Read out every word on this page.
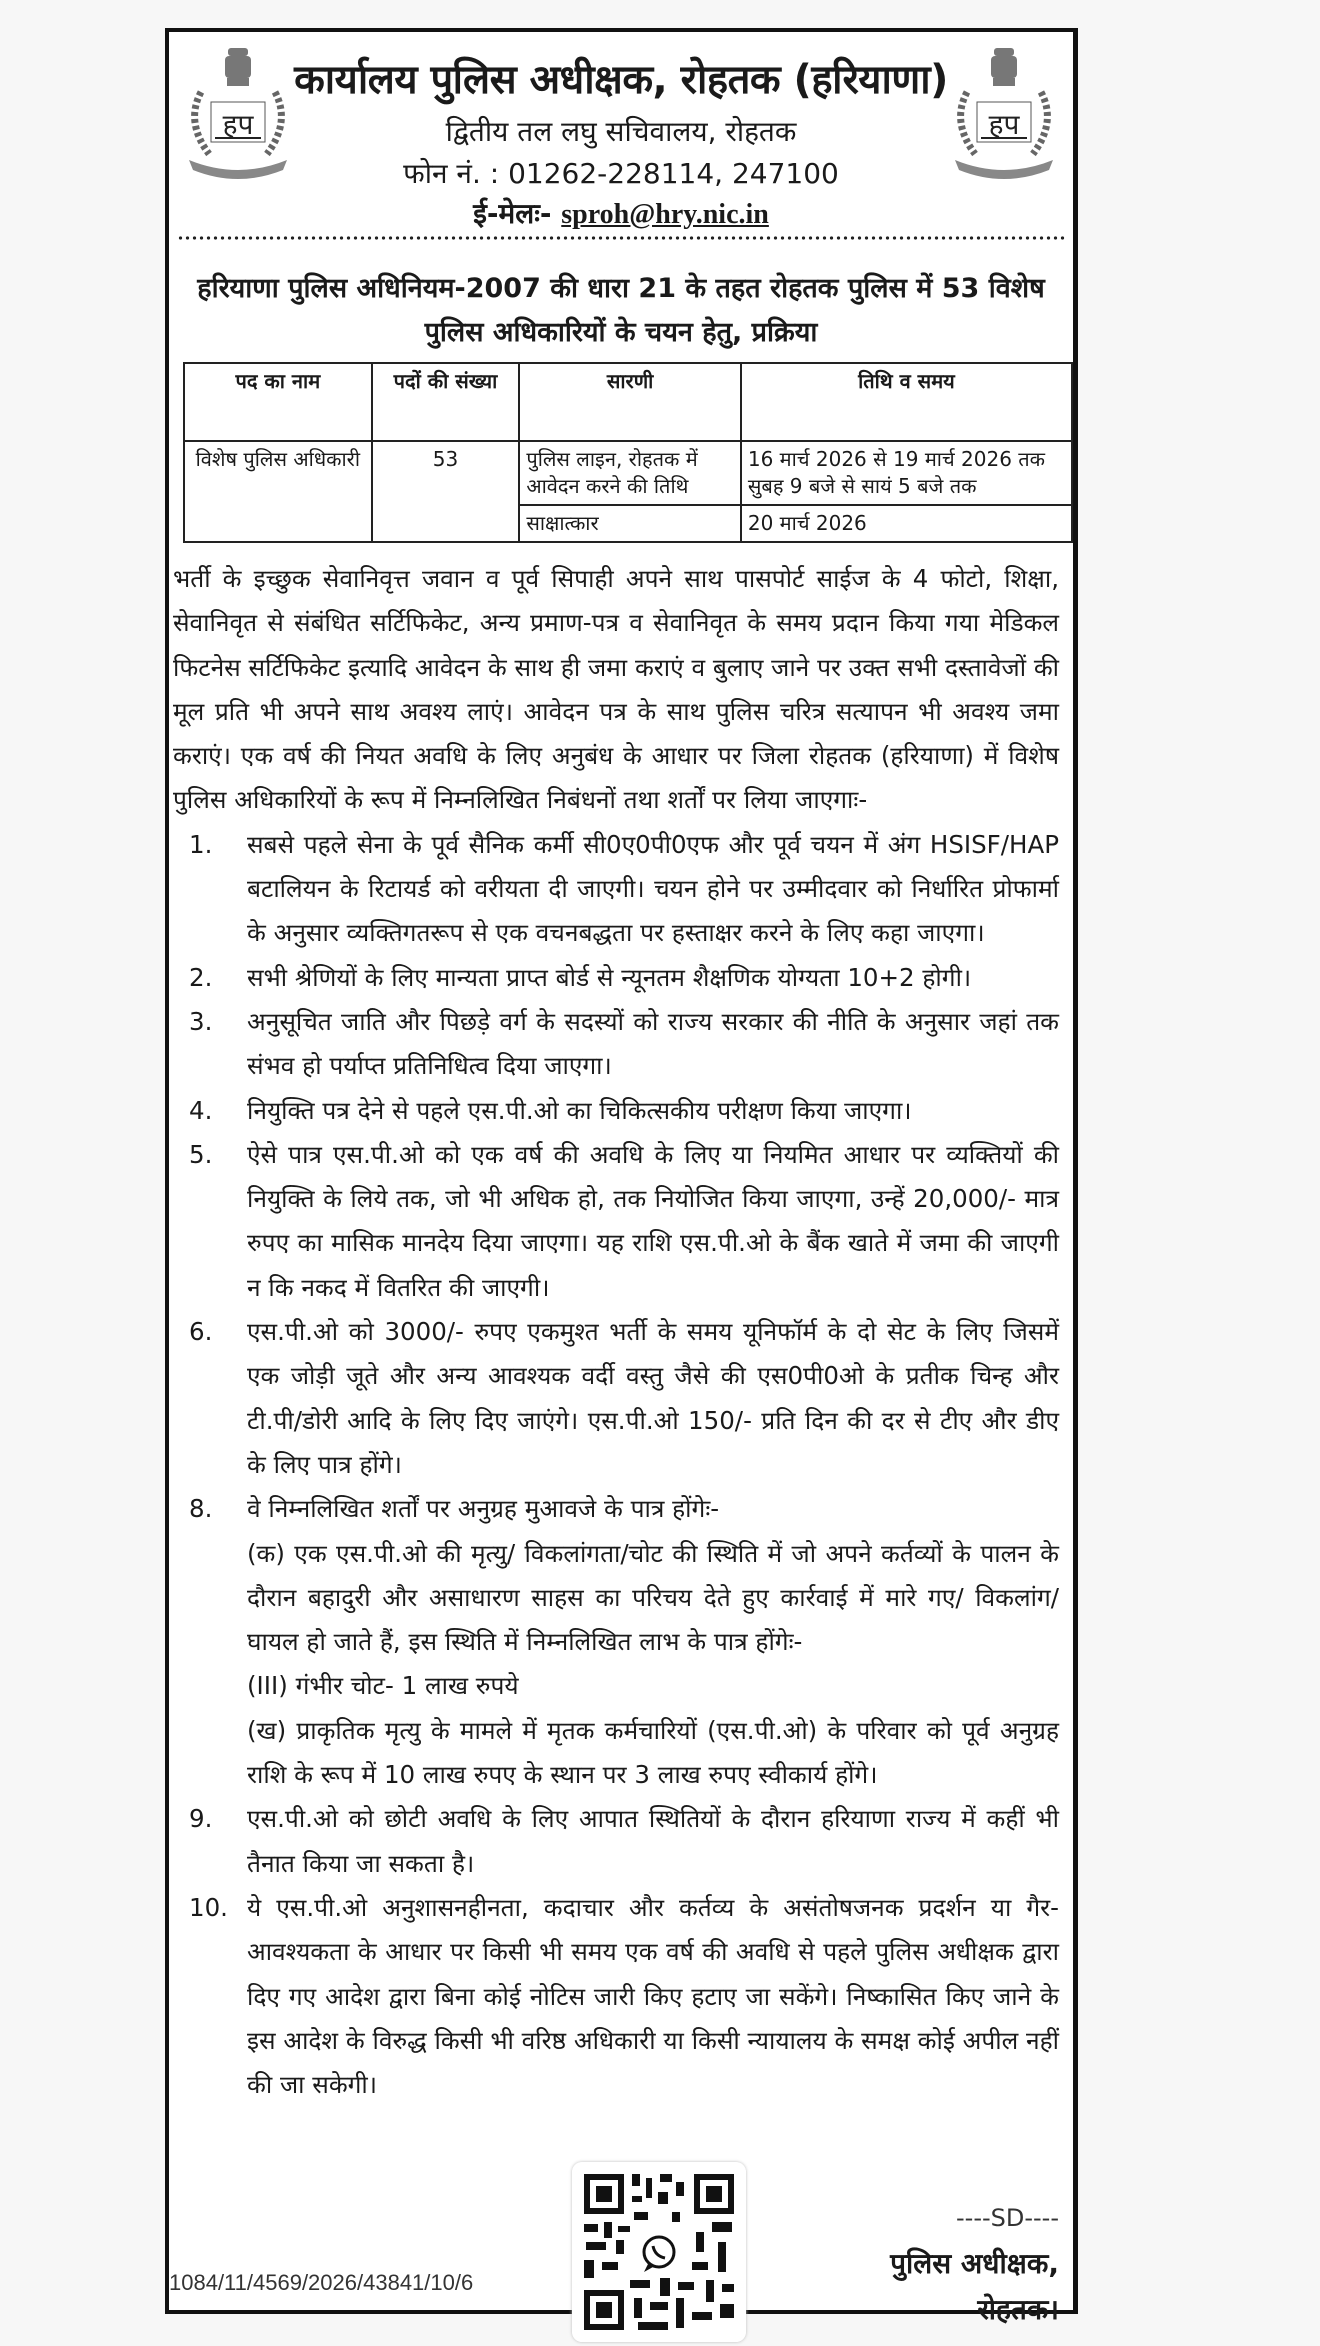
हप	हप
कार्यालय पुलिस अधीक्षक, रोहतक (हरियाणा)
द्वितीय तल लघु सचिवालय, रोहतक
फोन नं. : 01262-228114, 247100
ई-मेलः- sproh@hry.nic.in
हरियाणा पुलिस अधिनियम-2007 की धारा 21 के तहत रोहतक पुलिस में 53 विशेष पुलिस अधिकारियों के चयन हेतु, प्रक्रिया
पद का नाम	पदों की संख्या	सारणी	तिथि व समय
विशेष पुलिस अधिकारी	53	पुलिस लाइन, रोहतक में आवेदन करने की तिथि	16 मार्च 2026 से 19 मार्च 2026 तक सुबह 9 बजे से सायं 5 बजे तक
		साक्षात्कार	20 मार्च 2026

भर्ती के इच्छुक सेवानिवृत्त जवान व पूर्व सिपाही अपने साथ पासपोर्ट साईज के 4 फोटो, शिक्षा, सेवानिवृत से संबंधित सर्टिफिकेट, अन्य प्रमाण-पत्र व सेवानिवृत के समय प्रदान किया गया मेडिकल फिटनेस सर्टिफिकेट इत्यादि आवेदन के साथ ही जमा कराएं व बुलाए जाने पर उक्त सभी दस्तावेजों की मूल प्रति भी अपने साथ अवश्य लाएं। आवेदन पत्र के साथ पुलिस चरित्र सत्यापन भी अवश्य जमा कराएं। एक वर्ष की नियत अवधि के लिए अनुबंध के आधार पर जिला रोहतक (हरियाणा) में विशेष पुलिस अधिकारियों के रूप में निम्नलिखित निबंधनों तथा शर्तों पर लिया जाएगाः-

1. सबसे पहले सेना के पूर्व सैनिक कर्मी सी0ए0पी0एफ और पूर्व चयन में अंग HSISF/HAP बटालियन के रिटायर्ड को वरीयता दी जाएगी। चयन होने पर उम्मीदवार को निर्धारित प्रोफार्मा के अनुसार व्यक्तिगतरूप से एक वचनबद्धता पर हस्ताक्षर करने के लिए कहा जाएगा।
2. सभी श्रेणियों के लिए मान्यता प्राप्त बोर्ड से न्यूनतम शैक्षणिक योग्यता 10+2 होगी।
3. अनुसूचित जाति और पिछड़े वर्ग के सदस्यों को राज्य सरकार की नीति के अनुसार जहां तक संभव हो पर्याप्त प्रतिनिधित्व दिया जाएगा।
4. नियुक्ति पत्र देने से पहले एस.पी.ओ का चिकित्सकीय परीक्षण किया जाएगा।
5. ऐसे पात्र एस.पी.ओ को एक वर्ष की अवधि के लिए या नियमित आधार पर व्यक्तियों की नियुक्ति के लिये तक, जो भी अधिक हो, तक नियोजित किया जाएगा, उन्हें 20,000/- मात्र रुपए का मासिक मानदेय दिया जाएगा। यह राशि एस.पी.ओ के बैंक खाते में जमा की जाएगी न कि नकद में वितरित की जाएगी।
6. एस.पी.ओ को 3000/- रुपए एकमुश्त भर्ती के समय यूनिफॉर्म के दो सेट के लिए जिसमें एक जोड़ी जूते और अन्य आवश्यक वर्दी वस्तु जैसे की एस0पी0ओ के प्रतीक चिन्ह और टी.पी/डोरी आदि के लिए दिए जाएंगे। एस.पी.ओ 150/- प्रति दिन की दर से टीए और डीए के लिए पात्र होंगे।
8. वे निम्नलिखित शर्तों पर अनुग्रह मुआवजे के पात्र होंगेः-
(क) एक एस.पी.ओ की मृत्यु/ विकलांगता/चोट की स्थिति में जो अपने कर्तव्यों के पालन के दौरान बहादुरी और असाधारण साहस का परिचय देते हुए कार्रवाई में मारे गए/ विकलांग/ घायल हो जाते हैं, इस स्थिति में निम्नलिखित लाभ के पात्र होंगेः-
(III) गंभीर चोट- 1 लाख रुपये
(ख) प्राकृतिक मृत्यु के मामले में मृतक कर्मचारियों (एस.पी.ओ) के परिवार को पूर्व अनुग्रह राशि के रूप में 10 लाख रुपए के स्थान पर 3 लाख रुपए स्वीकार्य होंगे।
9. एस.पी.ओ को छोटी अवधि के लिए आपात स्थितियों के दौरान हरियाणा राज्य में कहीं भी तैनात किया जा सकता है।
10. ये एस.पी.ओ अनुशासनहीनता, कदाचार और कर्तव्य के असंतोषजनक प्रदर्शन या गैर-आवश्यकता के आधार पर किसी भी समय एक वर्ष की अवधि से पहले पुलिस अधीक्षक द्वारा दिए गए आदेश द्वारा बिना कोई नोटिस जारी किए हटाए जा सकेंगे। निष्कासित किए जाने के इस आदेश के विरुद्ध किसी भी वरिष्ठ अधिकारी या किसी न्यायालय के समक्ष कोई अपील नहीं की जा सकेगी।
----SD----
पुलिस अधीक्षक,
रोहतक।
1084/11/4569/2026/43841/10/6
